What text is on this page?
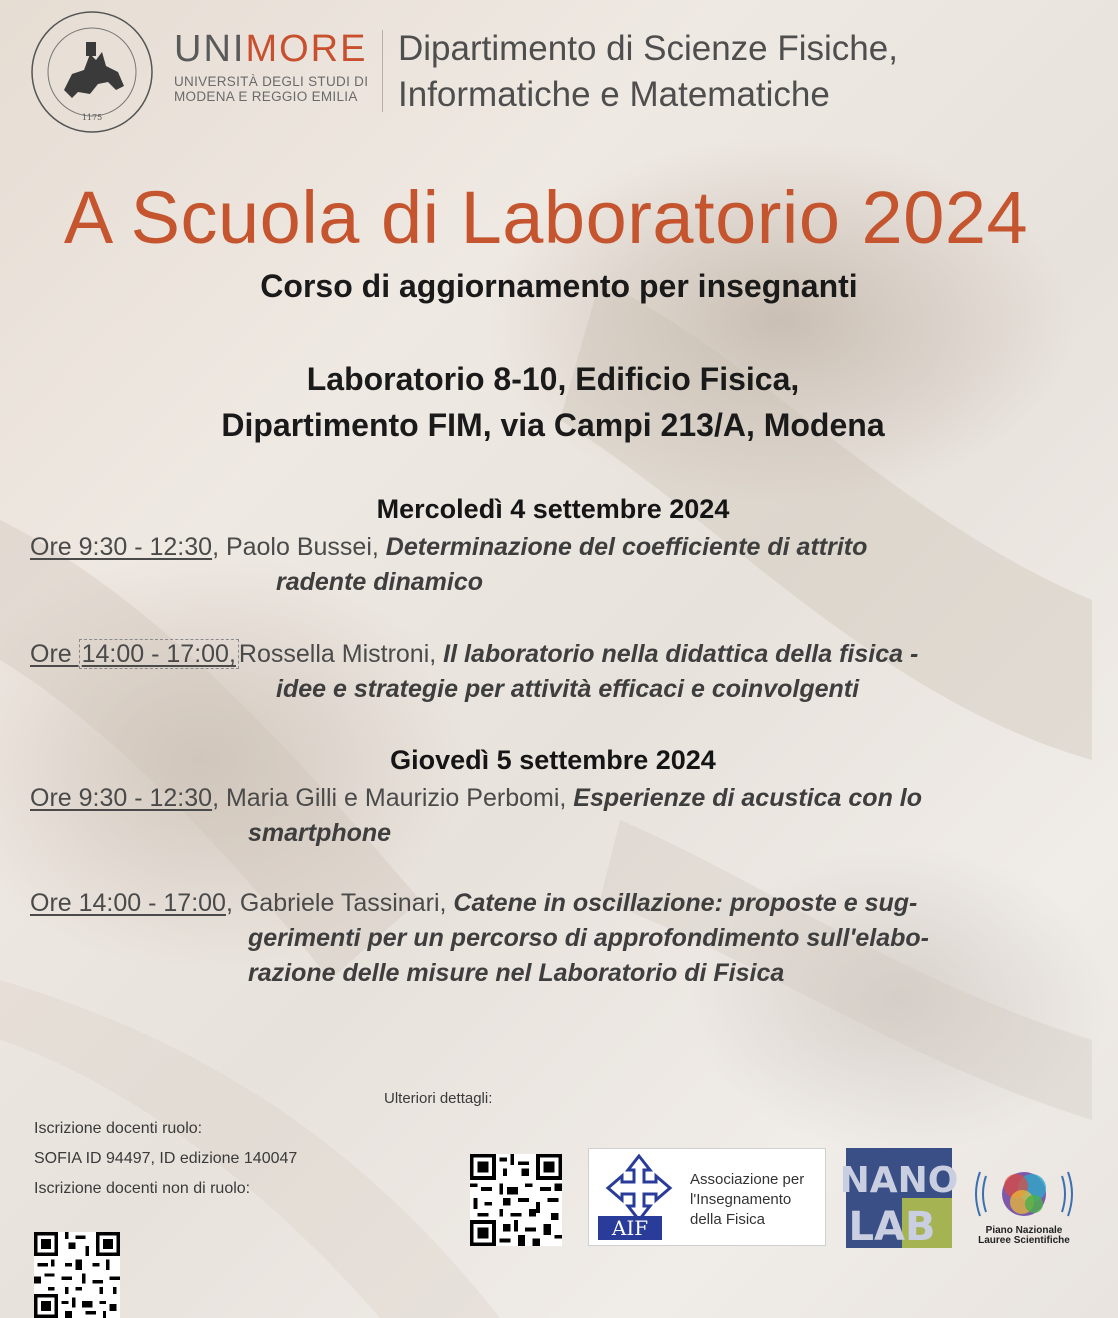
1175
UNIMORE
UNIVERSITÀ DEGLI STUDI DI
MODENA E REGGIO EMILIA
Dipartimento di Scienze Fisiche,
Informatiche e Matematiche
A Scuola di Laboratorio 2024
Corso di aggiornamento per insegnanti
Laboratorio 8-10, Edificio Fisica,
Dipartimento FIM, via Campi 213/A, Modena
Mercoledì 4 settembre 2024
Ore 9:30 - 12:30, Paolo Bussei, Determinazione del coefficiente di attrito
radente dinamico
Ore 14:00 - 17:00, Rossella Mistroni, Il laboratorio nella didattica della fisica -
idee e strategie per attività efficaci e coinvolgenti
Giovedì 5 settembre 2024
Ore 9:30 - 12:30, Maria Gilli e Maurizio Perbomi, Esperienze di acustica con lo
smartphone
Ore 14:00 - 17:00, Gabriele Tassinari, Catene in oscillazione: proposte e sug-
gerimenti per un percorso di approfondimento sull'elabo-
razione delle misure nel Laboratorio di Fisica
Ulteriori dettagli:
Iscrizione docenti ruolo:
SOFIA ID 94497, ID edizione 140047
Iscrizione docenti non di ruolo:
AIF
Associazione per
l'Insegnamento
della Fisica
NANO
LAB	Piano Nazionale
Lauree Scientifiche
